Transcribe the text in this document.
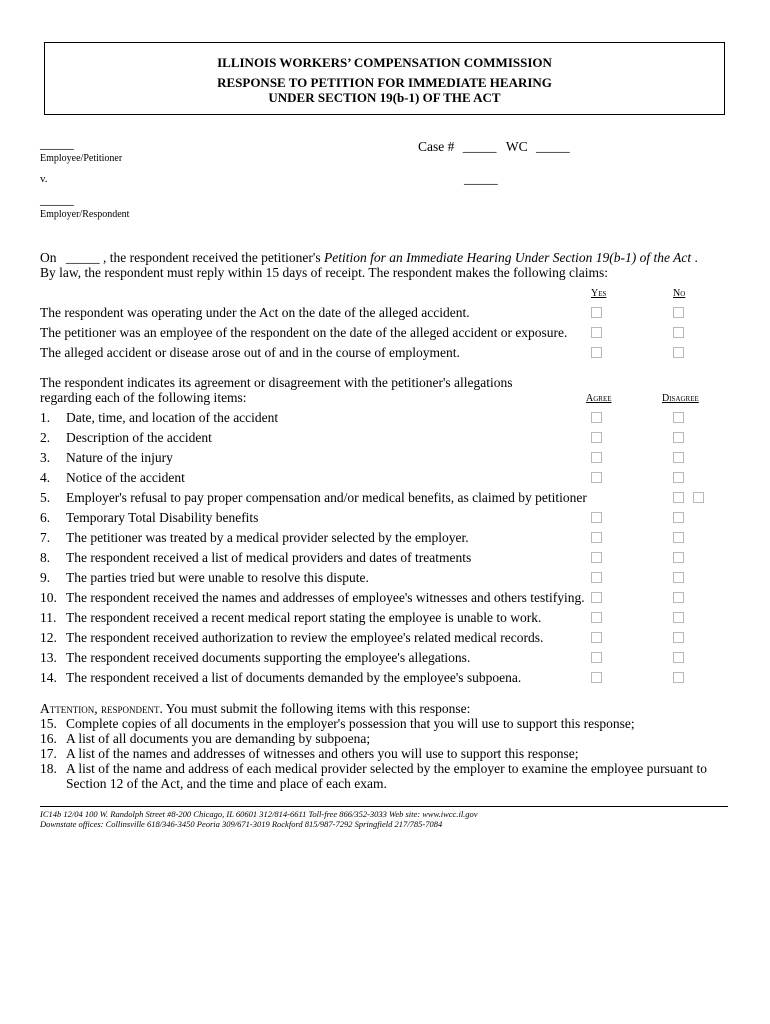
ILLINOIS WORKERS’ COMPENSATION COMMISSION
RESPONSE TO PETITION FOR IMMEDIATE HEARING
UNDER SECTION 19(b-1) OF THE ACT
_____
Employee/Petitioner
v.
_____
Employer/Respondent
Case # _____ WC _____
_____
On _____ , the respondent received the petitioner's Petition for an Immediate Hearing Under Section 19(b-1) of the Act .
By law, the respondent must reply within 15 days of receipt. The respondent makes the following claims:
Yes	No
The respondent was operating under the Act on the date of the alleged accident.
The petitioner was an employee of the respondent on the date of the alleged accident or exposure.
The alleged accident or disease arose out of and in the course of employment.
The respondent indicates its agreement or disagreement with the petitioner's allegations
regarding each of the following items:	Agree	Disagree
1. Date, time, and location of the accident
2. Description of the accident
3. Nature of the injury
4. Notice of the accident
5. Employer's refusal to pay proper compensation and/or medical benefits, as claimed by petitioner
6. Temporary Total Disability benefits
7. The petitioner was treated by a medical provider selected by the employer.
8. The respondent received a list of medical providers and dates of treatments
9. The parties tried but were unable to resolve this dispute.
10. The respondent received the names and addresses of employee's witnesses and others testifying.
11. The respondent received a recent medical report stating the employee is unable to work.
12. The respondent received authorization to review the employee's related medical records.
13. The respondent received documents supporting the employee's allegations.
14. The respondent received a list of documents demanded by the employee's subpoena.
Attention, respondent. You must submit the following items with this response:
15. Complete copies of all documents in the employer's possession that you will use to support this response;
16. A list of all documents you are demanding by subpoena;
17. A list of the names and addresses of witnesses and others you will use to support this response;
18. A list of the name and address of each medical provider selected by the employer to examine the employee pursuant to
Section 12 of the Act, and the time and place of each exam.
IC14b 12/04 100 W. Randolph Street #8-200 Chicago, IL 60601 312/814-6611 Toll-free 866/352-3033 Web site: www.iwcc.il.gov
Downstate offices: Collinsville 618/346-3450 Peoria 309/671-3019 Rockford 815/987-7292 Springfield 217/785-7084
